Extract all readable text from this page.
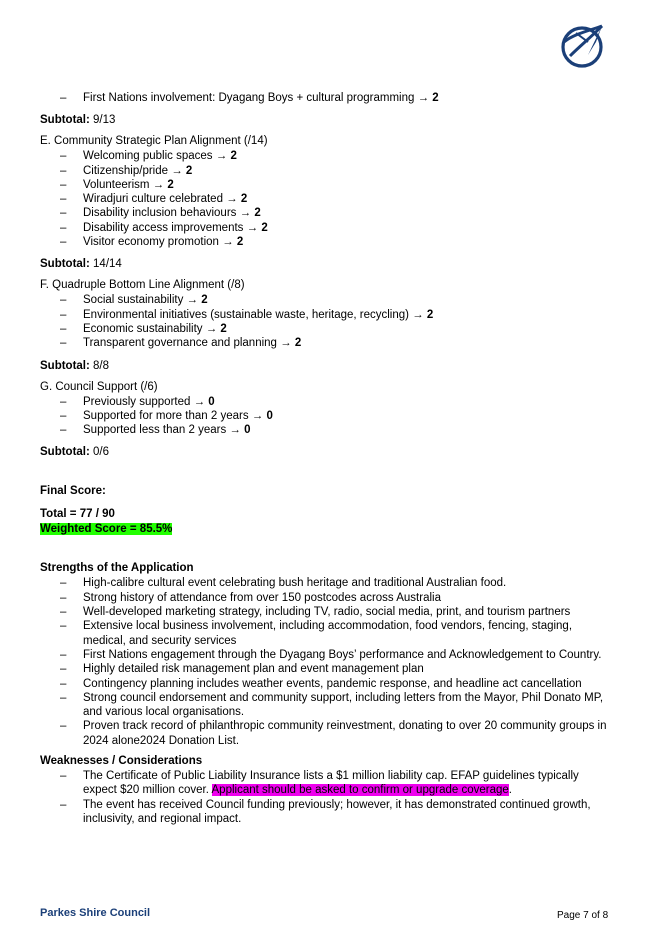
– First Nations involvement: Dyagang Boys + cultural programming → 2
Subtotal: 9/13
E. Community Strategic Plan Alignment (/14)
– Welcoming public spaces → 2
– Citizenship/pride → 2
– Volunteerism → 2
– Wiradjuri culture celebrated → 2
– Disability inclusion behaviours → 2
– Disability access improvements → 2
– Visitor economy promotion → 2
Subtotal: 14/14
F. Quadruple Bottom Line Alignment (/8)
– Social sustainability → 2
– Environmental initiatives (sustainable waste, heritage, recycling) → 2
– Economic sustainability → 2
– Transparent governance and planning → 2
Subtotal: 8/8
G. Council Support (/6)
– Previously supported → 0
– Supported for more than 2 years → 0
– Supported less than 2 years → 0
Subtotal: 0/6
Final Score:
Total = 77 / 90
Weighted Score = 85.5%
Strengths of the Application
– High-calibre cultural event celebrating bush heritage and traditional Australian food.
– Strong history of attendance from over 150 postcodes across Australia
– Well-developed marketing strategy, including TV, radio, social media, print, and tourism partners
– Extensive local business involvement, including accommodation, food vendors, fencing, staging, medical, and security services
– First Nations engagement through the Dyagang Boys’ performance and Acknowledgement to Country.
– Highly detailed risk management plan and event management plan
– Contingency planning includes weather events, pandemic response, and headline act cancellation
– Strong council endorsement and community support, including letters from the Mayor, Phil Donato MP, and various local organisations.
– Proven track record of philanthropic community reinvestment, donating to over 20 community groups in 2024 alone2024 Donation List.
Weaknesses / Considerations
– The Certificate of Public Liability Insurance lists a $1 million liability cap. EFAP guidelines typically expect $20 million cover. Applicant should be asked to confirm or upgrade coverage.
– The event has received Council funding previously; however, it has demonstrated continued growth, inclusivity, and regional impact.
Parkes Shire Council	Page 7 of 8
